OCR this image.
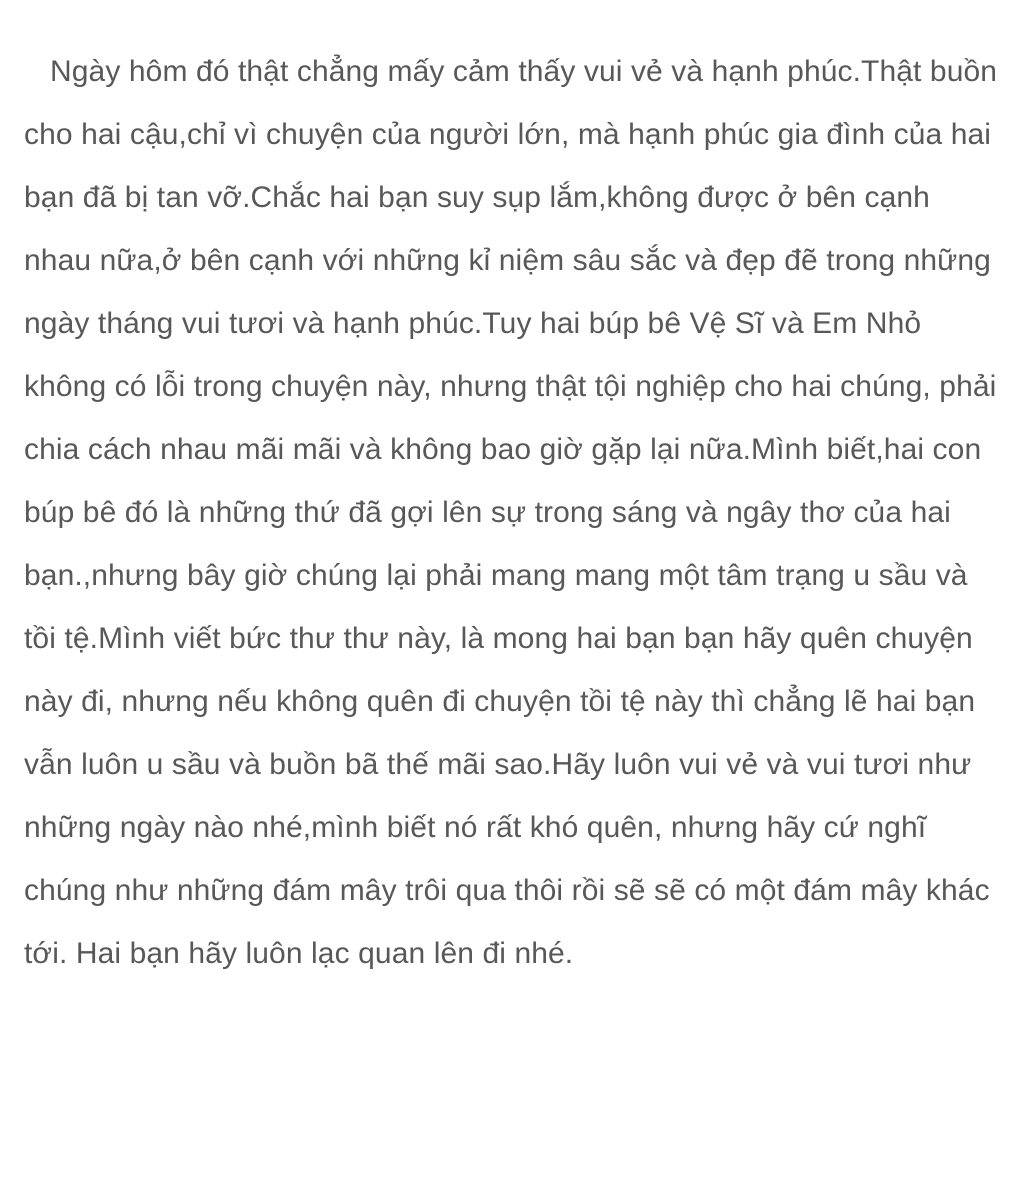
Ngày hôm đó thật chẳng mấy cảm thấy vui vẻ và hạnh phúc.Thật buồn cho hai cậu,chỉ vì chuyện của người lớn, mà hạnh phúc gia đình của hai bạn đã bị tan vỡ.Chắc hai bạn suy sụp lắm,không được ở bên cạnh nhau nữa,ở bên cạnh với những kỉ niệm sâu sắc và đẹp đẽ trong những ngày tháng vui tươi và hạnh phúc.Tuy hai búp bê Vệ Sĩ và Em Nhỏ không có lỗi trong chuyện này, nhưng thật tội nghiệp cho hai chúng, phải chia cách nhau mãi mãi và không bao giờ gặp lại nữa.Mình biết,hai con búp bê đó là những thứ đã gợi lên sự trong sáng và ngây thơ của hai bạn.,nhưng bây giờ chúng lại phải mang mang một tâm trạng u sầu và tồi tệ.Mình viết bức thư thư này, là mong hai bạn bạn hãy quên chuyện này đi, nhưng nếu không quên đi chuyện tồi tệ này thì chẳng lẽ hai bạn vẫn luôn u sầu và buồn bã thế mãi sao.Hãy luôn vui vẻ và vui tươi như những ngày nào nhé,mình biết nó rất khó quên, nhưng hãy cứ nghĩ chúng như những đám mây trôi qua thôi rồi sẽ sẽ có một đám mây khác tới. Hai bạn hãy luôn lạc quan lên đi nhé.
